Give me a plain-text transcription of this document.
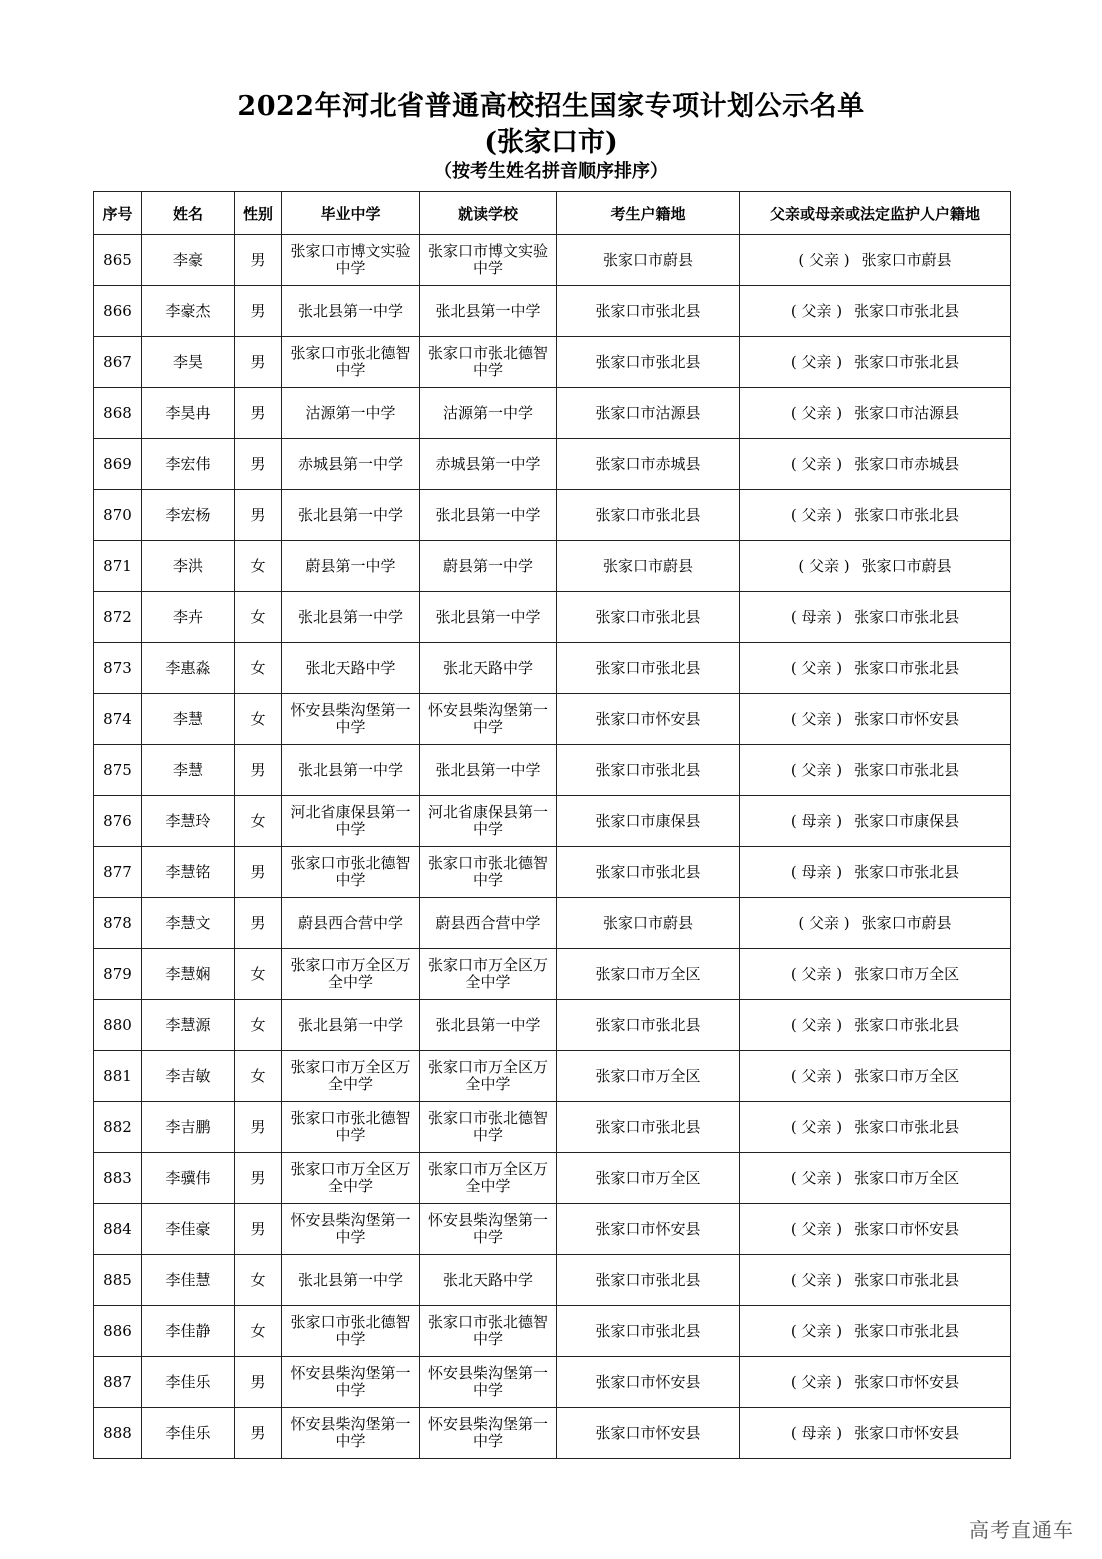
2022年河北省普通高校招生国家专项计划公示名单
(张家口市)
（按考生姓名拼音顺序排序）
序号	姓名	性别	毕业中学	就读学校	考生户籍地	父亲或母亲或法定监护人户籍地
865	李豪	男	张家口市博文实验中学	张家口市博文实验中学	张家口市蔚县	( 父亲 ) 张家口市蔚县
866	李豪杰	男	张北县第一中学	张北县第一中学	张家口市张北县	( 父亲 ) 张家口市张北县
867	李昊	男	张家口市张北德智中学	张家口市张北德智中学	张家口市张北县	( 父亲 ) 张家口市张北县
868	李昊冉	男	沽源第一中学	沽源第一中学	张家口市沽源县	( 父亲 ) 张家口市沽源县
869	李宏伟	男	赤城县第一中学	赤城县第一中学	张家口市赤城县	( 父亲 ) 张家口市赤城县
870	李宏杨	男	张北县第一中学	张北县第一中学	张家口市张北县	( 父亲 ) 张家口市张北县
871	李洪	女	蔚县第一中学	蔚县第一中学	张家口市蔚县	( 父亲 ) 张家口市蔚县
872	李卉	女	张北县第一中学	张北县第一中学	张家口市张北县	( 母亲 ) 张家口市张北县
873	李惠淼	女	张北天路中学	张北天路中学	张家口市张北县	( 父亲 ) 张家口市张北县
874	李慧	女	怀安县柴沟堡第一中学	怀安县柴沟堡第一中学	张家口市怀安县	( 父亲 ) 张家口市怀安县
875	李慧	男	张北县第一中学	张北县第一中学	张家口市张北县	( 父亲 ) 张家口市张北县
876	李慧玲	女	河北省康保县第一中学	河北省康保县第一中学	张家口市康保县	( 母亲 ) 张家口市康保县
877	李慧铭	男	张家口市张北德智中学	张家口市张北德智中学	张家口市张北县	( 母亲 ) 张家口市张北县
878	李慧文	男	蔚县西合营中学	蔚县西合营中学	张家口市蔚县	( 父亲 ) 张家口市蔚县
879	李慧娴	女	张家口市万全区万全中学	张家口市万全区万全中学	张家口市万全区	( 父亲 ) 张家口市万全区
880	李慧源	女	张北县第一中学	张北县第一中学	张家口市张北县	( 父亲 ) 张家口市张北县
881	李吉敏	女	张家口市万全区万全中学	张家口市万全区万全中学	张家口市万全区	( 父亲 ) 张家口市万全区
882	李吉鹏	男	张家口市张北德智中学	张家口市张北德智中学	张家口市张北县	( 父亲 ) 张家口市张北县
883	李骥伟	男	张家口市万全区万全中学	张家口市万全区万全中学	张家口市万全区	( 父亲 ) 张家口市万全区
884	李佳豪	男	怀安县柴沟堡第一中学	怀安县柴沟堡第一中学	张家口市怀安县	( 父亲 ) 张家口市怀安县
885	李佳慧	女	张北县第一中学	张北天路中学	张家口市张北县	( 父亲 ) 张家口市张北县
886	李佳静	女	张家口市张北德智中学	张家口市张北德智中学	张家口市张北县	( 父亲 ) 张家口市张北县
887	李佳乐	男	怀安县柴沟堡第一中学	怀安县柴沟堡第一中学	张家口市怀安县	( 父亲 ) 张家口市怀安县
888	李佳乐	男	怀安县柴沟堡第一中学	怀安县柴沟堡第一中学	张家口市怀安县	( 母亲 ) 张家口市怀安县
高考直通车
